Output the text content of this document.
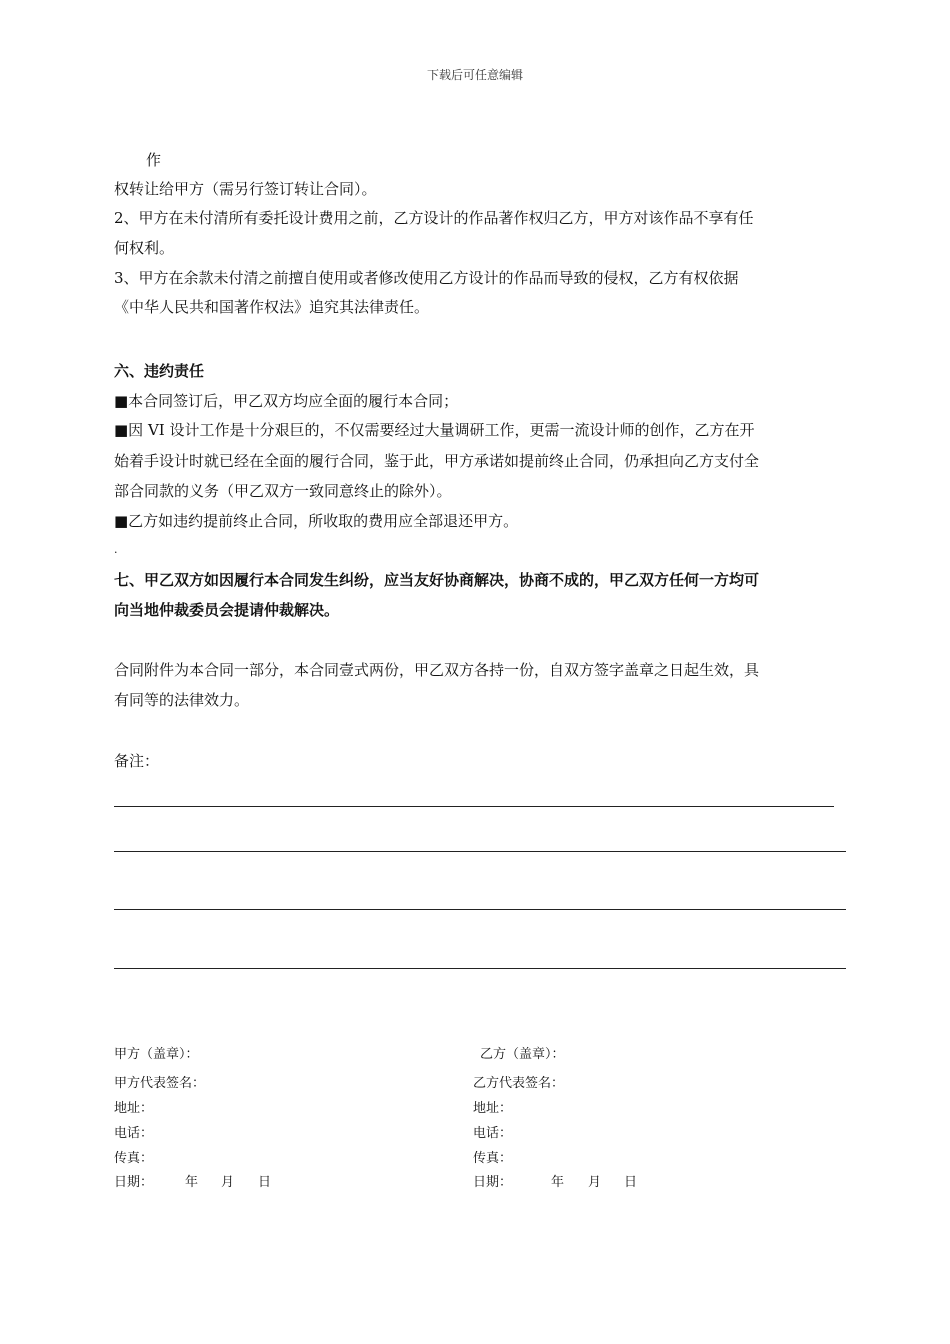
下载后可任意编辑
作
权转让给甲方（需另行签订转让合同）。
2、甲方在未付清所有委托设计费用之前，乙方设计的作品著作权归乙方，甲方对该作品不享有任
何权利。
3、甲方在余款未付清之前擅自使用或者修改使用乙方设计的作品而导致的侵权，乙方有权依据
《中华人民共和国著作权法》追究其法律责任。
六、违约责任
■本合同签订后，甲乙双方均应全面的履行本合同；
■因 VI 设计工作是十分艰巨的，不仅需要经过大量调研工作，更需一流设计师的创作，乙方在开
始着手设计时就已经在全面的履行合同，鉴于此，甲方承诺如提前终止合同，仍承担向乙方支付全
部合同款的义务（甲乙双方一致同意终止的除外）。
■乙方如违约提前终止合同，所收取的费用应全部退还甲方。
.
七、甲乙双方如因履行本合同发生纠纷，应当友好协商解决，协商不成的，甲乙双方任何一方均可
向当地仲裁委员会提请仲裁解决。
合同附件为本合同一部分，本合同壹式两份，甲乙双方各持一份，自双方签字盖章之日起生效，具
有同等的法律效力。
备注：
甲方（盖章）：
甲方代表签名：
地址：
电话：
传真：
日期： 年 月 日
乙方（盖章）：
乙方代表签名：
地址：
电话：
传真：
日期：	年 月 日
